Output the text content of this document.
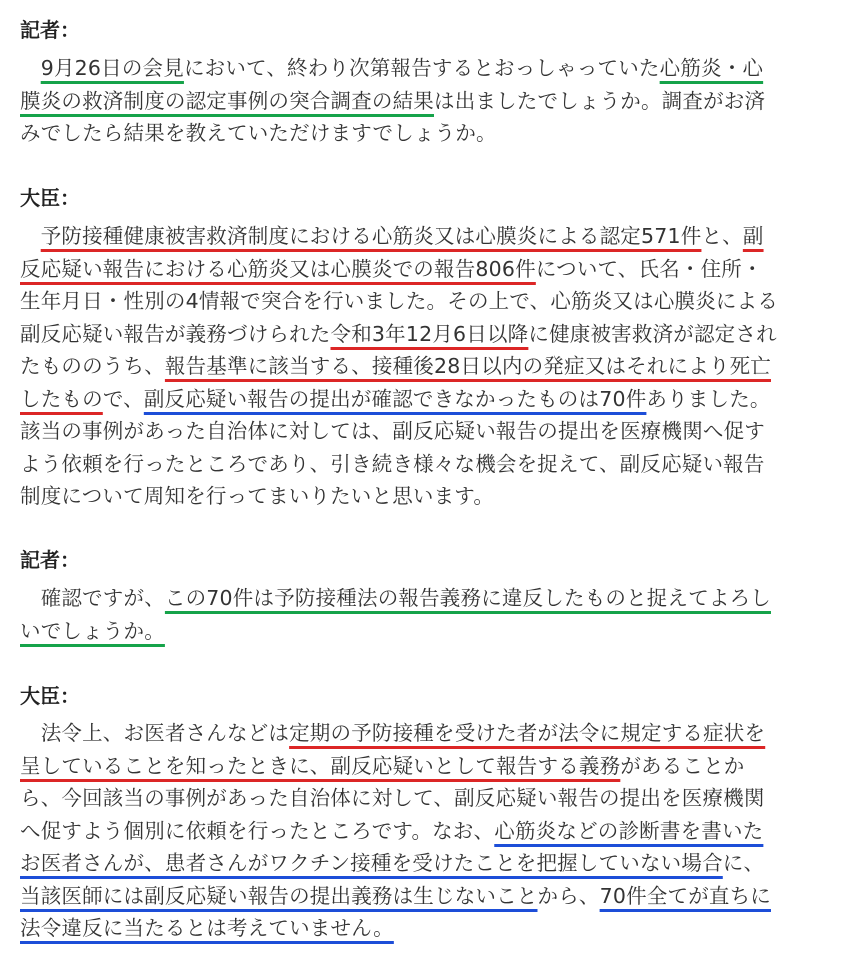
記者：

　9月26日の会見において、終わり次第報告するとおっしゃっていた心筋炎・心
膜炎の救済制度の認定事例の突合調査の結果は出ましたでしょうか。調査がお済
みでしたら結果を教えていただけますでしょうか。

大臣：

　予防接種健康被害救済制度における心筋炎又は心膜炎による認定571件と、副
反応疑い報告における心筋炎又は心膜炎での報告806件について、氏名・住所・
生年月日・性別の4情報で突合を行いました。その上で、心筋炎又は心膜炎による
副反応疑い報告が義務づけられた令和3年12月6日以降に健康被害救済が認定され
たもののうち、報告基準に該当する、接種後28日以内の発症又はそれにより死亡
したもので、副反応疑い報告の提出が確認できなかったものは70件ありました。
該当の事例があった自治体に対しては、副反応疑い報告の提出を医療機関へ促す
よう依頼を行ったところであり、引き続き様々な機会を捉えて、副反応疑い報告
制度について周知を行ってまいりたいと思います。

記者：

　確認ですが、この70件は予防接種法の報告義務に違反したものと捉えてよろし
いでしょうか。

大臣：

　法令上、お医者さんなどは定期の予防接種を受けた者が法令に規定する症状を
呈していることを知ったときに、副反応疑いとして報告する義務があることか
ら、今回該当の事例があった自治体に対して、副反応疑い報告の提出を医療機関
へ促すよう個別に依頼を行ったところです。なお、心筋炎などの診断書を書いた
お医者さんが、患者さんがワクチン接種を受けたことを把握していない場合に、
当該医師には副反応疑い報告の提出義務は生じないことから、70件全てが直ちに
法令違反に当たるとは考えていません。
